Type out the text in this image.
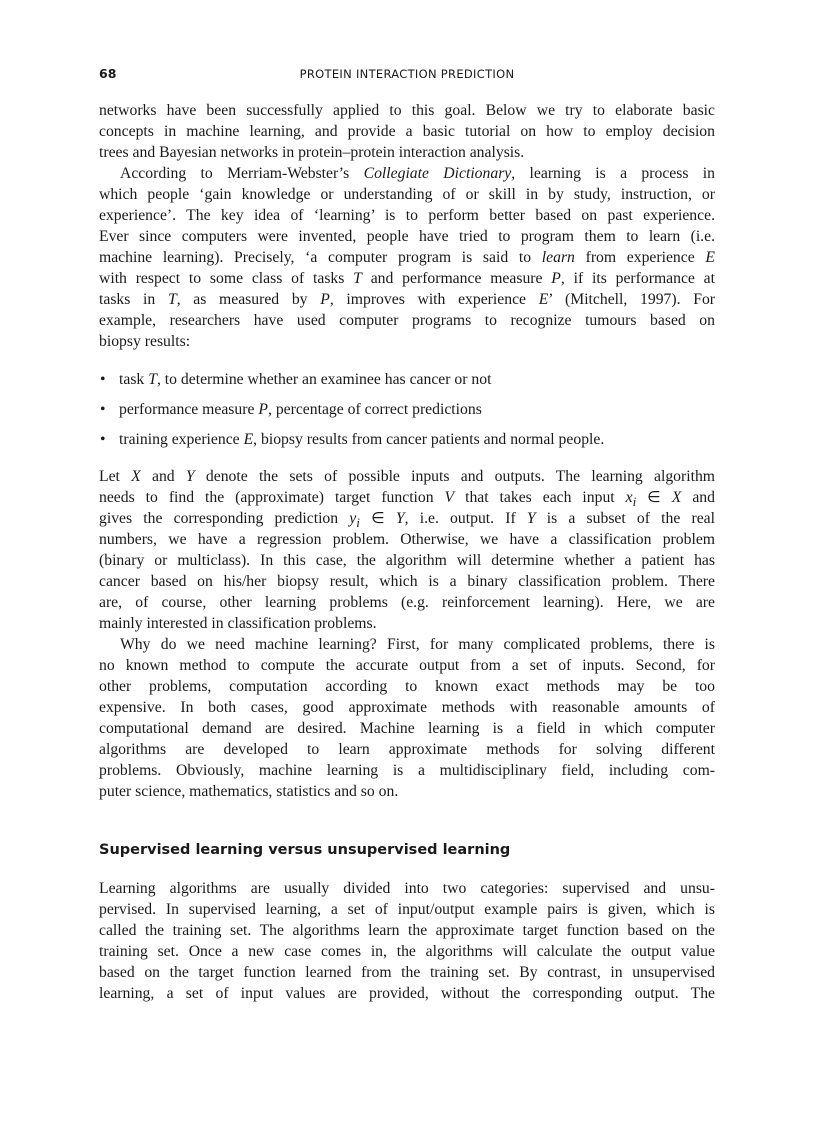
68	PROTEIN INTERACTION PREDICTION
networks have been successfully applied to this goal. Below we try to elaborate basic
concepts in machine learning, and provide a basic tutorial on how to employ decision
trees and Bayesian networks in protein–protein interaction analysis.
According to Merriam-Webster’s Collegiate Dictionary, learning is a process in
which people ‘gain knowledge or understanding of or skill in by study, instruction, or
experience’. The key idea of ‘learning’ is to perform better based on past experience.
Ever since computers were invented, people have tried to program them to learn (i.e.
machine learning). Precisely, ‘a computer program is said to learn from experience E
with respect to some class of tasks T and performance measure P, if its performance at
tasks in T, as measured by P, improves with experience E’ (Mitchell, 1997). For
example, researchers have used computer programs to recognize tumours based on
biopsy results:
• task T, to determine whether an examinee has cancer or not
• performance measure P, percentage of correct predictions
• training experience E, biopsy results from cancer patients and normal people.
Let X and Y denote the sets of possible inputs and outputs. The learning algorithm
needs to find the (approximate) target function V that takes each input $x_i$ ∈ X and
gives the corresponding prediction $y_i$ ∈ Y, i.e. output. If Y is a subset of the real
numbers, we have a regression problem. Otherwise, we have a classification problem
(binary or multiclass). In this case, the algorithm will determine whether a patient has
cancer based on his/her biopsy result, which is a binary classification problem. There
are, of course, other learning problems (e.g. reinforcement learning). Here, we are
mainly interested in classification problems.
Why do we need machine learning? First, for many complicated problems, there is
no known method to compute the accurate output from a set of inputs. Second, for
other problems, computation according to known exact methods may be too
expensive. In both cases, good approximate methods with reasonable amounts of
computational demand are desired. Machine learning is a field in which computer
algorithms are developed to learn approximate methods for solving different
problems. Obviously, machine learning is a multidisciplinary field, including com-
puter science, mathematics, statistics and so on.
Supervised learning versus unsupervised learning
Learning algorithms are usually divided into two categories: supervised and unsu-
pervised. In supervised learning, a set of input/output example pairs is given, which is
called the training set. The algorithms learn the approximate target function based on the
training set. Once a new case comes in, the algorithms will calculate the output value
based on the target function learned from the training set. By contrast, in unsupervised
learning, a set of input values are provided, without the corresponding output. The
